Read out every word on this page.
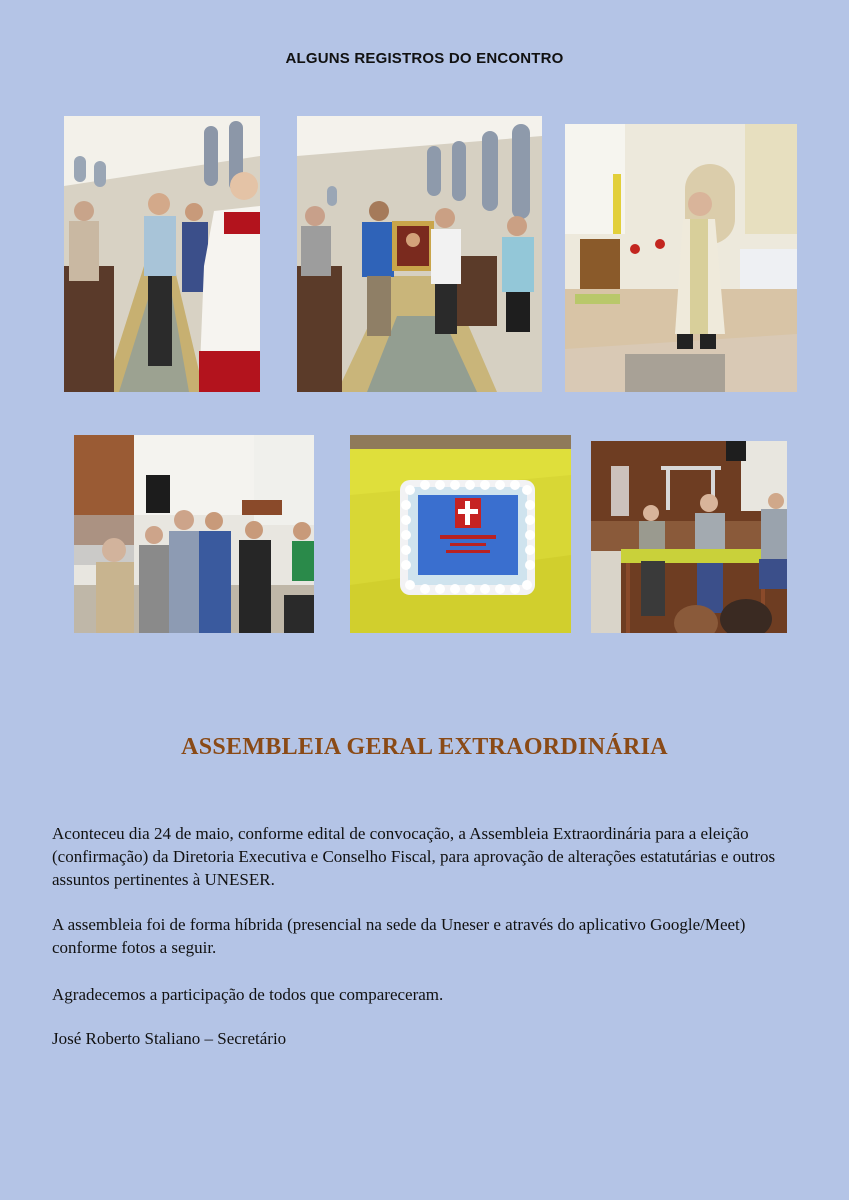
ALGUNS REGISTROS DO ENCONTRO
ASSEMBLEIA GERAL EXTRAORDINÁRIA

Aconteceu dia 24 de maio, conforme edital de convocação, a Assembleia Extraordinária para a eleição (confirmação) da Diretoria Executiva e Conselho Fiscal, para aprovação de alterações estatutárias e outros assuntos pertinentes à UNESER.

A assembleia foi de forma híbrida (presencial na sede da Uneser e através do aplicativo Google/Meet) conforme fotos a seguir.

Agradecemos a participação de todos que compareceram.

José Roberto Staliano – Secretário
